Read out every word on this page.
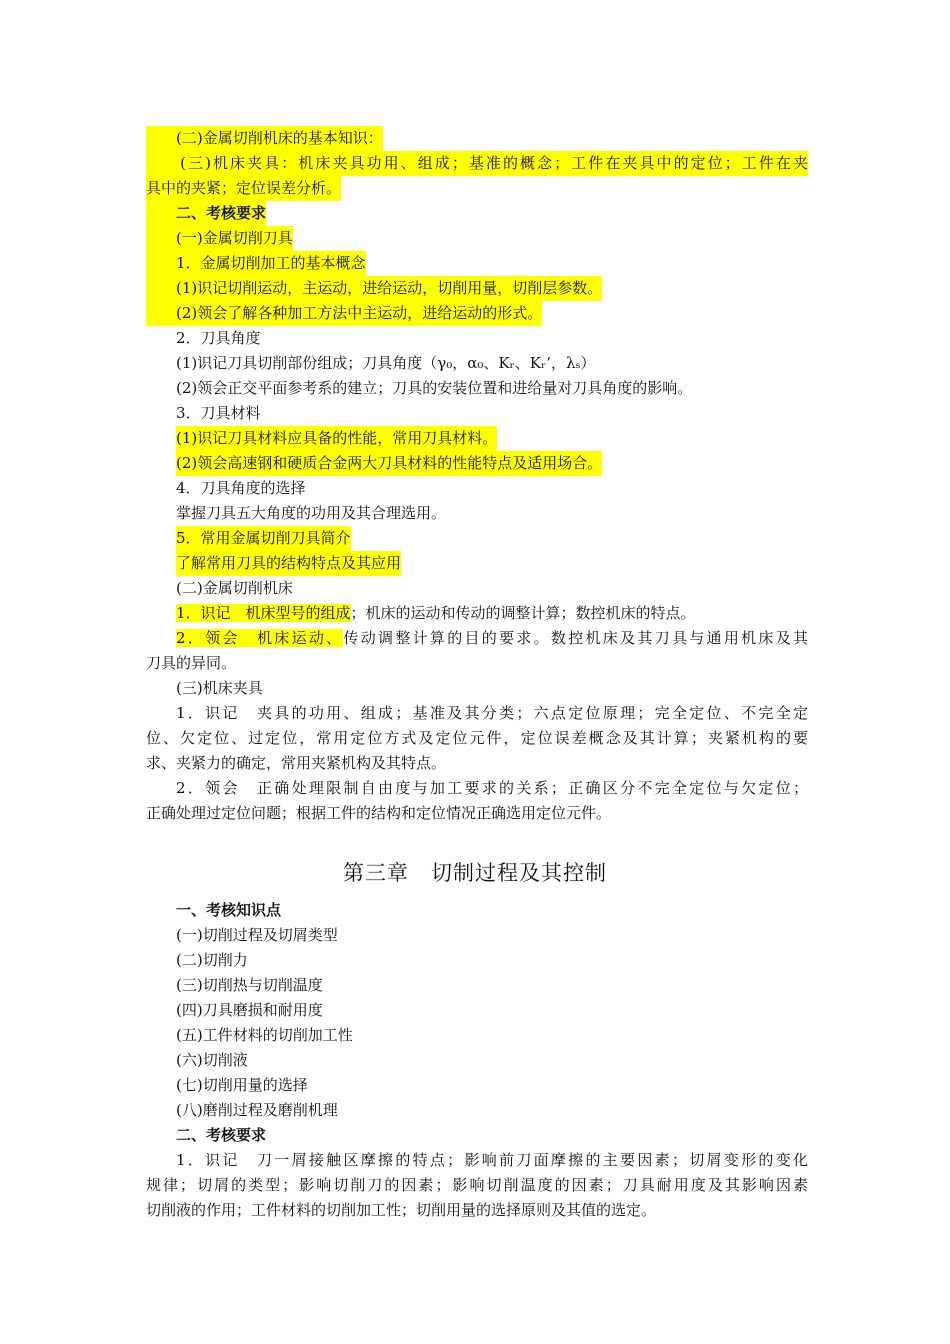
　　(二)金属切削机床的基本知识：
　　(三)机床夹具：机床夹具功用、组成；基准的概念；工件在夹具中的定位；工件在夹
具中的夹紧；定位误差分析。
　　二、考核要求
　　(一)金属切削刀具
　　1．金属切削加工的基本概念
　　(1)识记切削运动，主运动，进给运动，切削用量，切削层参数。
　　(2)领会了解各种加工方法中主运动，进给运动的形式。
2．刀具角度
(1)识记刀具切削部份组成；刀具角度（γ₀，α₀、Kᵣ、Kᵣ’，λₛ）
(2)领会正交平面参考系的建立；刀具的安装位置和进给量对刀具角度的影响。
3．刀具材料
(1)识记刀具材料应具备的性能，常用刀具材料。
(2)领会高速钢和硬质合金两大刀具材料的性能特点及适用场合。
4．刀具角度的选择
掌握刀具五大角度的功用及其合理选用。
5．常用金属切削刀具简介
了解常用刀具的结构特点及其应用
(二)金属切削机床
1．识记　机床型号的组成；机床的运动和传动的调整计算；数控机床的特点。
2．领会　机床运动、传动调整计算的目的要求。数控机床及其刀具与通用机床及其
刀具的异同。
(三)机床夹具
1．识记　夹具的功用、组成；基准及其分类；六点定位原理；完全定位、不完全定
位、欠定位、过定位，常用定位方式及定位元件，定位误差概念及其计算；夹紧机构的要
求、夹紧力的确定，常用夹紧机构及其特点。
2．领会　正确处理限制自由度与加工要求的关系；正确区分不完全定位与欠定位；
正确处理过定位问题；根据工件的结构和定位情况正确选用定位元件。
第三章　切制过程及其控制
一、考核知识点
(一)切削过程及切屑类型
(二)切削力
(三)切削热与切削温度
(四)刀具磨损和耐用度
(五)工件材料的切削加工性
(六)切削液
(七)切削用量的选择
(八)磨削过程及磨削机理
二、考核要求
1．识记　刀一屑接触区摩擦的特点；影响前刀面摩擦的主要因素；切屑变形的变化
规律；切屑的类型；影响切削刀的因素；影响切削温度的因素；刀具耐用度及其影响因素
切削液的作用；工件材料的切削加工性；切削用量的选择原则及其值的选定。
